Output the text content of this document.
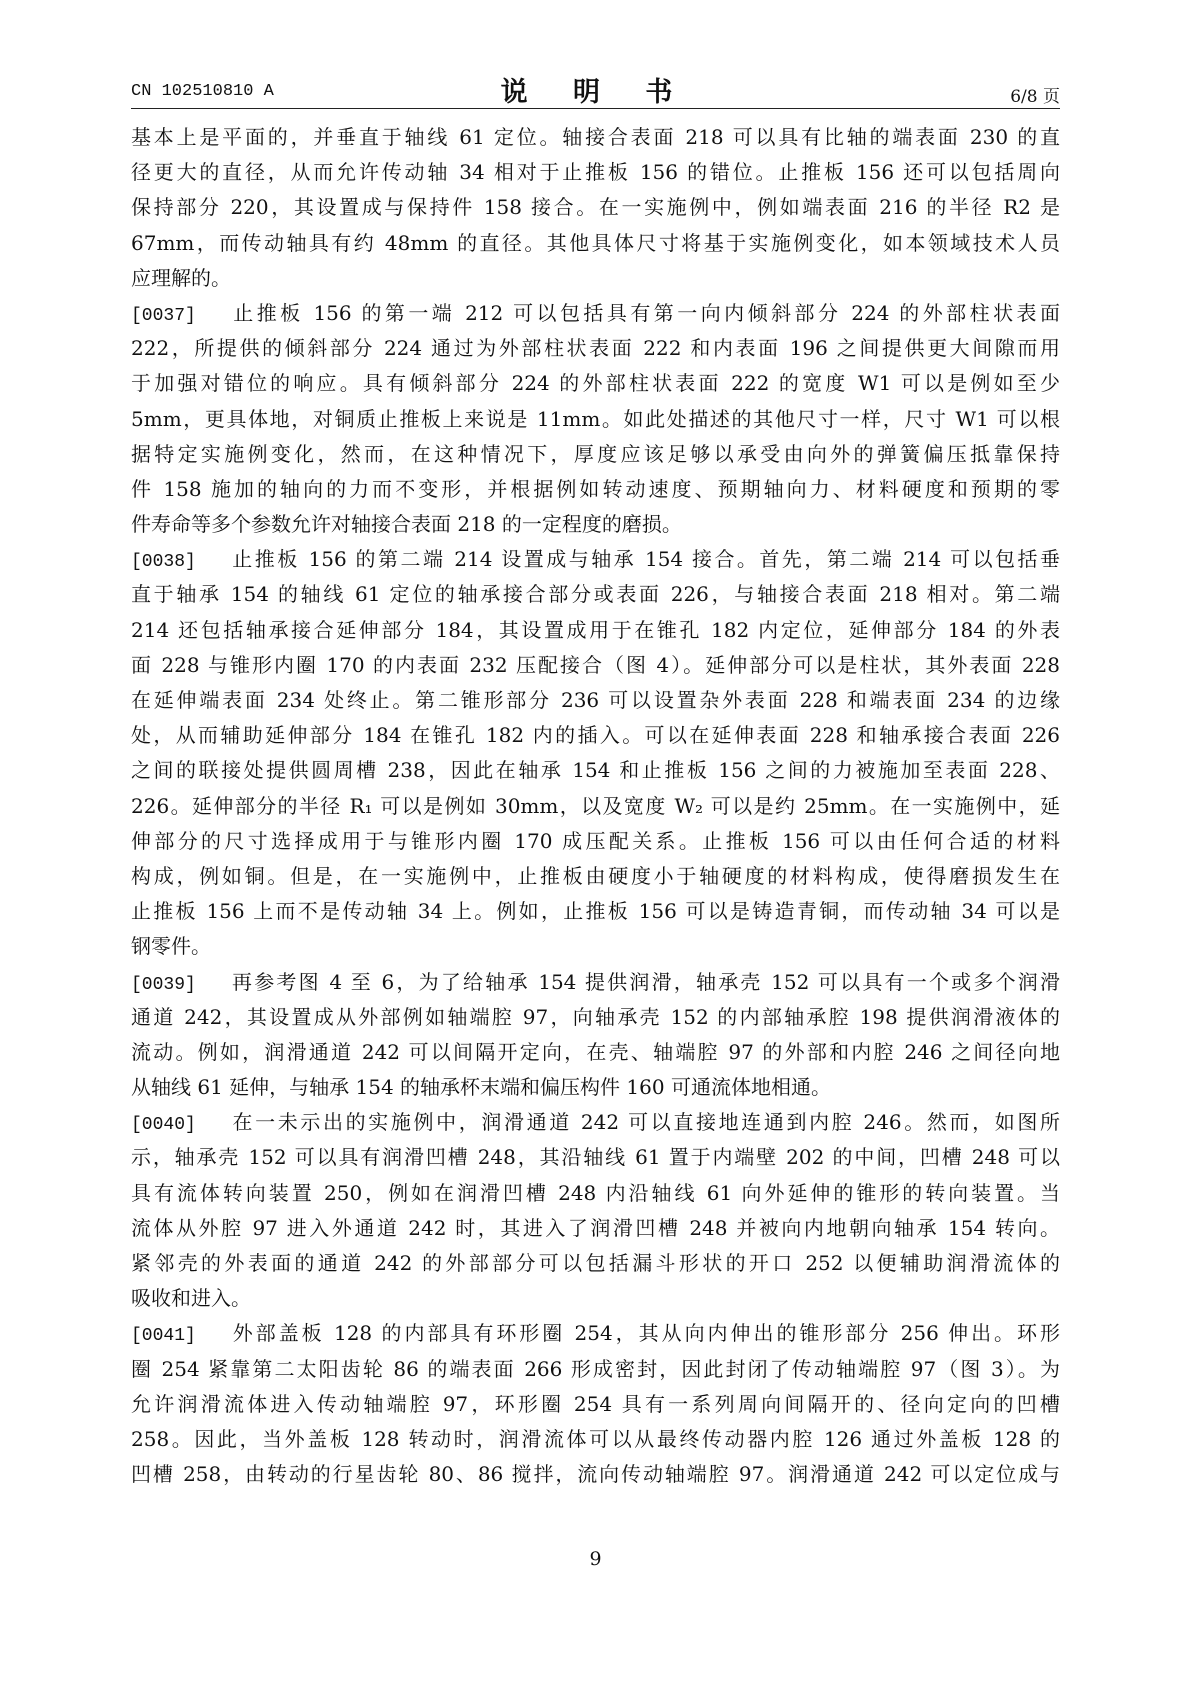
CN 102510810 A	说 明 书	6/8 页
基本上是平面的，并垂直于轴线 61 定位。轴接合表面 218 可以具有比轴的端表面 230 的直
径更大的直径，从而允许传动轴 34 相对于止推板 156 的错位。止推板 156 还可以包括周向
保持部分 220，其设置成与保持件 158 接合。在一实施例中，例如端表面 216 的半径 R2 是
67mm，而传动轴具有约 48mm 的直径。其他具体尺寸将基于实施例变化，如本领域技术人员
应理解的。
[0037] 止推板 156 的第一端 212 可以包括具有第一向内倾斜部分 224 的外部柱状表面
222，所提供的倾斜部分 224 通过为外部柱状表面 222 和内表面 196 之间提供更大间隙而用
于加强对错位的响应。具有倾斜部分 224 的外部柱状表面 222 的宽度 W1 可以是例如至少
5mm，更具体地，对铜质止推板上来说是 11mm。如此处描述的其他尺寸一样，尺寸 W1 可以根
据特定实施例变化，然而，在这种情况下，厚度应该足够以承受由向外的弹簧偏压抵靠保持
件 158 施加的轴向的力而不变形，并根据例如转动速度、预期轴向力、材料硬度和预期的零
件寿命等多个参数允许对轴接合表面 218 的一定程度的磨损。
[0038] 止推板 156 的第二端 214 设置成与轴承 154 接合。首先，第二端 214 可以包括垂
直于轴承 154 的轴线 61 定位的轴承接合部分或表面 226，与轴接合表面 218 相对。第二端
214 还包括轴承接合延伸部分 184，其设置成用于在锥孔 182 内定位，延伸部分 184 的外表
面 228 与锥形内圈 170 的内表面 232 压配接合（图 4）。延伸部分可以是柱状，其外表面 228
在延伸端表面 234 处终止。第二锥形部分 236 可以设置杂外表面 228 和端表面 234 的边缘
处，从而辅助延伸部分 184 在锥孔 182 内的插入。可以在延伸表面 228 和轴承接合表面 226
之间的联接处提供圆周槽 238，因此在轴承 154 和止推板 156 之间的力被施加至表面 228、
226。延伸部分的半径 R₁ 可以是例如 30mm，以及宽度 W₂ 可以是约 25mm。在一实施例中，延
伸部分的尺寸选择成用于与锥形内圈 170 成压配关系。止推板 156 可以由任何合适的材料
构成，例如铜。但是，在一实施例中，止推板由硬度小于轴硬度的材料构成，使得磨损发生在
止推板 156 上而不是传动轴 34 上。例如，止推板 156 可以是铸造青铜，而传动轴 34 可以是
钢零件。
[0039] 再参考图 4 至 6，为了给轴承 154 提供润滑，轴承壳 152 可以具有一个或多个润滑
通道 242，其设置成从外部例如轴端腔 97，向轴承壳 152 的内部轴承腔 198 提供润滑液体的
流动。例如，润滑通道 242 可以间隔开定向，在壳、轴端腔 97 的外部和内腔 246 之间径向地
从轴线 61 延伸，与轴承 154 的轴承杯末端和偏压构件 160 可通流体地相通。
[0040] 在一未示出的实施例中，润滑通道 242 可以直接地连通到内腔 246。然而，如图所
示，轴承壳 152 可以具有润滑凹槽 248，其沿轴线 61 置于内端壁 202 的中间，凹槽 248 可以
具有流体转向装置 250，例如在润滑凹槽 248 内沿轴线 61 向外延伸的锥形的转向装置。当
流体从外腔 97 进入外通道 242 时，其进入了润滑凹槽 248 并被向内地朝向轴承 154 转向。
紧邻壳的外表面的通道 242 的外部部分可以包括漏斗形状的开口 252 以便辅助润滑流体的
吸收和进入。
[0041] 外部盖板 128 的内部具有环形圈 254，其从向内伸出的锥形部分 256 伸出。环形
圈 254 紧靠第二太阳齿轮 86 的端表面 266 形成密封，因此封闭了传动轴端腔 97（图 3）。为
允许润滑流体进入传动轴端腔 97，环形圈 254 具有一系列周向间隔开的、径向定向的凹槽
258。因此，当外盖板 128 转动时，润滑流体可以从最终传动器内腔 126 通过外盖板 128 的
凹槽 258，由转动的行星齿轮 80、86 搅拌，流向传动轴端腔 97。润滑通道 242 可以定位成与
9
